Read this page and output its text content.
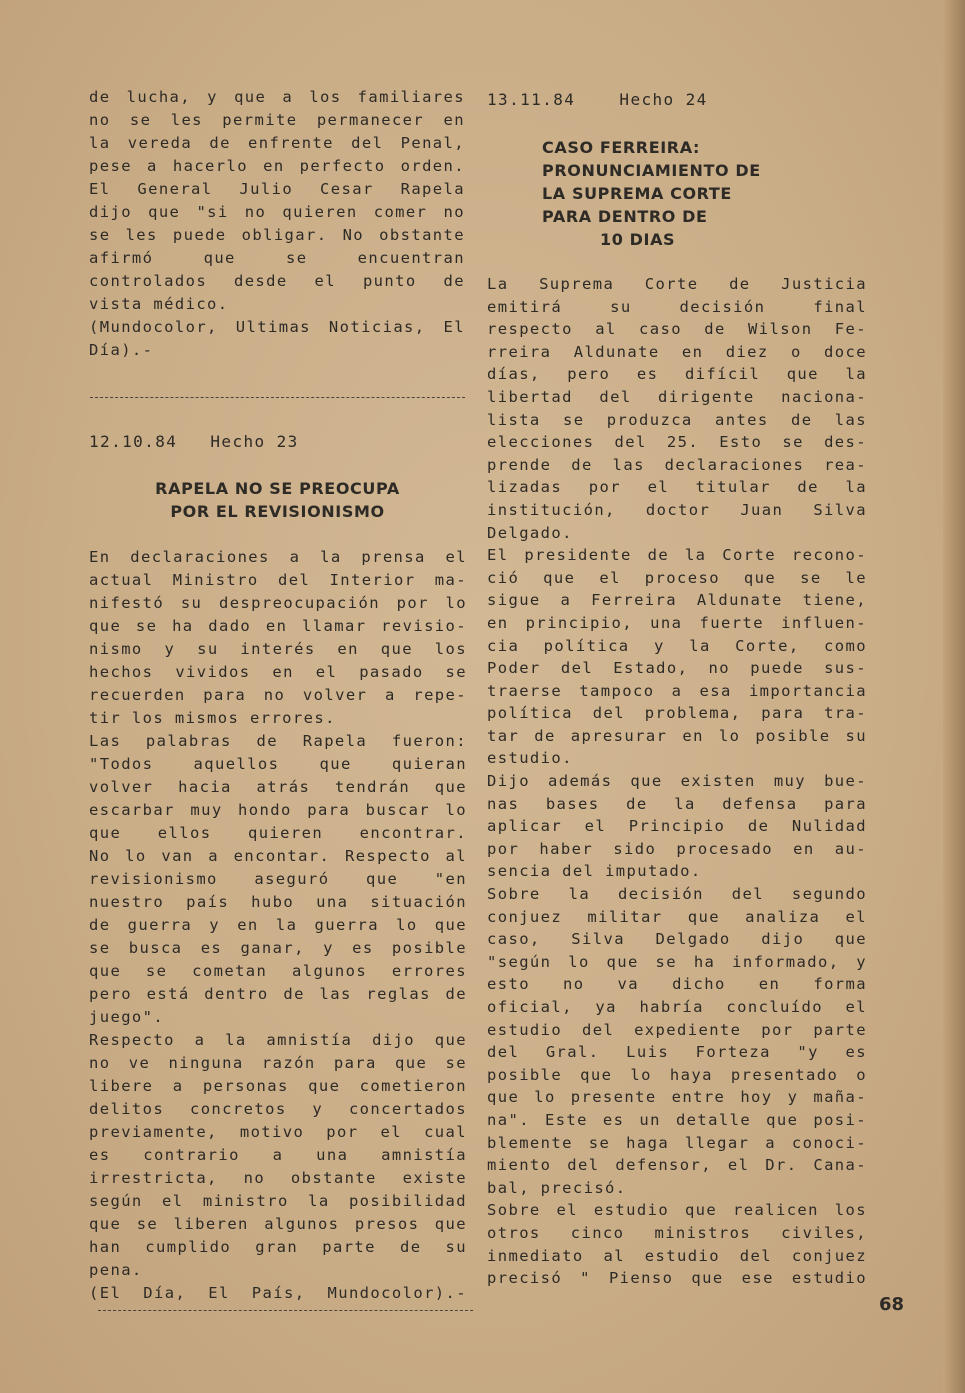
de lucha, y que a los familiares
no se les permite permanecer en
la vereda de enfrente del Penal,
pese a hacerlo en perfecto orden.
El General Julio Cesar Rapela
dijo que "si no quieren comer no
se les puede obligar. No obstante
afirmó que se encuentran
controlados desde el punto de
vista médico.
(Mundocolor, Ultimas Noticias, El
Día).-
12.10.84 Hecho 23
RAPELA NO SE PREOCUPA
POR EL REVISIONISMO
En declaraciones a la prensa el
actual Ministro del Interior ma-
nifestó su despreocupación por lo
que se ha dado en llamar revisio-
nismo y su interés en que los
hechos vividos en el pasado se
recuerden para no volver a repe-
tir los mismos errores.
Las palabras de Rapela fueron:
"Todos aquellos que quieran
volver hacia atrás tendrán que
escarbar muy hondo para buscar lo
que ellos quieren encontrar.
No lo van a encontar. Respecto al
revisionismo aseguró que "en
nuestro país hubo una situación
de guerra y en la guerra lo que
se busca es ganar, y es posible
que se cometan algunos errores
pero está dentro de las reglas de
juego".
Respecto a la amnistía dijo que
no ve ninguna razón para que se
libere a personas que cometieron
delitos concretos y concertados
previamente, motivo por el cual
es contrario a una amnistía
irrestricta, no obstante existe
según el ministro la posibilidad
que se liberen algunos presos que
han cumplido gran parte de su
pena.
(El Día, El País, Mundocolor).-
13.11.84	Hecho 24
CASO FERREIRA:
PRONUNCIAMIENTO DE
LA SUPREMA CORTE
PARA DENTRO DE
10 DIAS
La Suprema Corte de Justicia
emitirá su decisión final
respecto al caso de Wilson Fe-
rreira Aldunate en diez o doce
días, pero es difícil que la
libertad del dirigente naciona-
lista se produzca antes de las
elecciones del 25. Esto se des-
prende de las declaraciones rea-
lizadas por el titular de la
institución, doctor Juan Silva
Delgado.
El presidente de la Corte recono-
ció que el proceso que se le
sigue a Ferreira Aldunate tiene,
en principio, una fuerte influen-
cia política y la Corte, como
Poder del Estado, no puede sus-
traerse tampoco a esa importancia
política del problema, para tra-
tar de apresurar en lo posible su
estudio.
Dijo además que existen muy bue-
nas bases de la defensa para
aplicar el Principio de Nulidad
por haber sido procesado en au-
sencia del imputado.
Sobre la decisión del segundo
conjuez militar que analiza el
caso, Silva Delgado dijo que
"según lo que se ha informado, y
esto no va dicho en forma
oficial, ya habría concluído el
estudio del expediente por parte
del Gral. Luis Forteza "y es
posible que lo haya presentado o
que lo presente entre hoy y maña-
na". Este es un detalle que posi-
blemente se haga llegar a conoci-
miento del defensor, el Dr. Cana-
bal, precisó.
Sobre el estudio que realicen los
otros cinco ministros civiles,
inmediato al estudio del conjuez
precisó " Pienso que ese estudio
68
